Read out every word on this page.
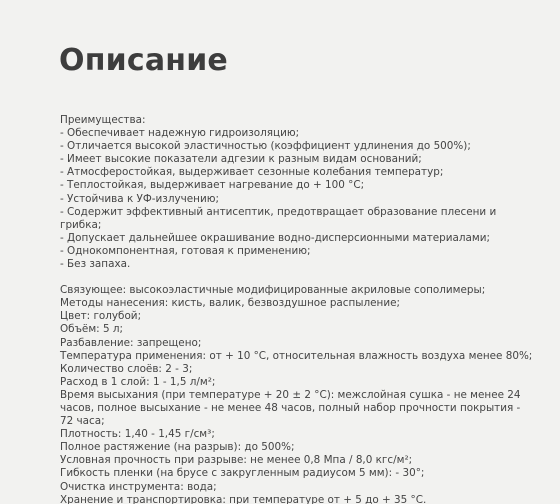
Описание
Преимущества:
- Обеспечивает надежную гидроизоляцию;
- Отличается высокой эластичностью (коэффициент удлинения до 500%);
- Имеет высокие показатели адгезии к разным видам оснований;
- Атмосферостойкая, выдерживает сезонные колебания температур;
- Теплостойкая, выдерживает нагревание до + 100 °С;
- Устойчива к УФ-излучению;
- Содержит эффективный антисептик, предотвращает образование плесени и
грибка;
- Допускает дальнейшее окрашивание водно-дисперсионными материалами;
- Однокомпонентная, готовая к применению;
- Без запаха.
Связующее: высокоэластичные модифицированные акриловые сополимеры;
Методы нанесения: кисть, валик, безвоздушное распыление;
Цвет: голубой;
Объём: 5 л;
Разбавление: запрещено;
Температура применения: от + 10 °С, относительная влажность воздуха менее 80%;
Количество слоёв: 2 - 3;
Расход в 1 слой: 1 - 1,5 л/м²;
Время высыхания (при температуре + 20 ± 2 °С): межслойная сушка - не менее 24
часов, полное высыхание - не менее 48 часов, полный набор прочности покрытия -
72 часа;
Плотность: 1,40 - 1,45 г/см³;
Полное растяжение (на разрыв): до 500%;
Условная прочность при разрыве: не менее 0,8 Мпа / 8,0 кгс/м²;
Гибкость пленки (на брусе с закругленным радиусом 5 мм): - 30°;
Очистка инструмента: вода;
Хранение и транспортировка: при температуре от + 5 до + 35 °С.
